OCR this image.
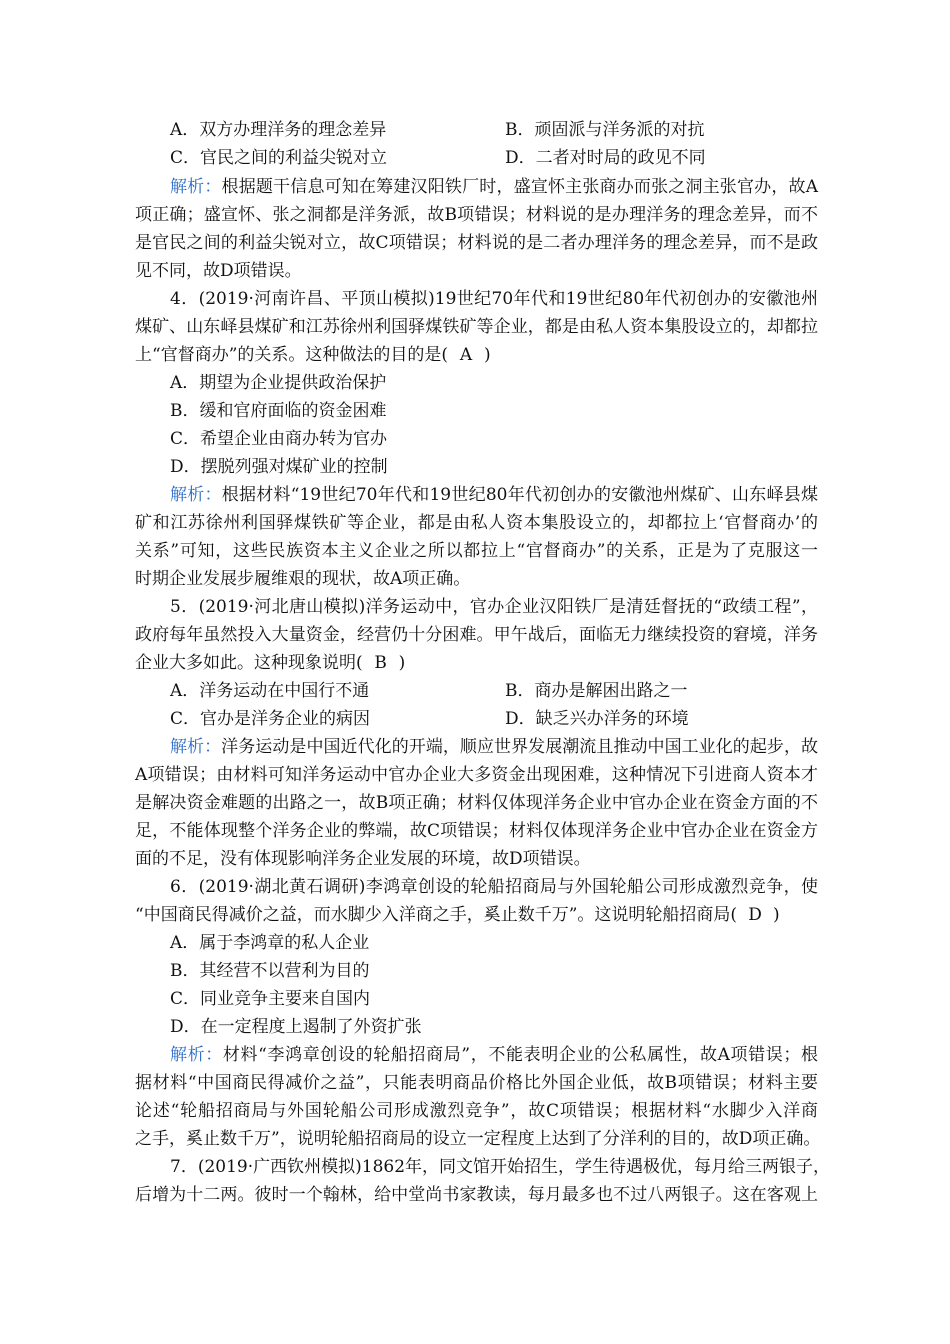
A．双方办理洋务的理念差异	B．顽固派与洋务派的对抗
C．官民之间的利益尖锐对立	D．二者对时局的政见不同
解析：根据题干信息可知在筹建汉阳铁厂时，盛宣怀主张商办而张之洞主张官办，故A
项正确；盛宣怀、张之洞都是洋务派，故B项错误；材料说的是办理洋务的理念差异，而不
是官民之间的利益尖锐对立，故C项错误；材料说的是二者办理洋务的理念差异，而不是政
见不同，故D项错误。
4．(2019·河南许昌、平顶山模拟)19世纪70年代和19世纪80年代初创办的安徽池州
煤矿、山东峄县煤矿和江苏徐州利国驿煤铁矿等企业，都是由私人资本集股设立的，却都拉
上“官督商办”的关系。这种做法的目的是( A )
A．期望为企业提供政治保护
B．缓和官府面临的资金困难
C．希望企业由商办转为官办
D．摆脱列强对煤矿业的控制
解析：根据材料“19世纪70年代和19世纪80年代初创办的安徽池州煤矿、山东峄县煤
矿和江苏徐州利国驿煤铁矿等企业，都是由私人资本集股设立的，却都拉上‘官督商办’的
关系”可知，这些民族资本主义企业之所以都拉上“官督商办”的关系，正是为了克服这一
时期企业发展步履维艰的现状，故A项正确。
5．(2019·河北唐山模拟)洋务运动中，官办企业汉阳铁厂是清廷督抚的“政绩工程”，
政府每年虽然投入大量资金，经营仍十分困难。甲午战后，面临无力继续投资的窘境，洋务
企业大多如此。这种现象说明( B )
A．洋务运动在中国行不通	B．商办是解困出路之一
C．官办是洋务企业的病因	D．缺乏兴办洋务的环境
解析：洋务运动是中国近代化的开端，顺应世界发展潮流且推动中国工业化的起步，故
A项错误；由材料可知洋务运动中官办企业大多资金出现困难，这种情况下引进商人资本才
是解决资金难题的出路之一，故B项正确；材料仅体现洋务企业中官办企业在资金方面的不
足，不能体现整个洋务企业的弊端，故C项错误；材料仅体现洋务企业中官办企业在资金方
面的不足，没有体现影响洋务企业发展的环境，故D项错误。
6．(2019·湖北黄石调研)李鸿章创设的轮船招商局与外国轮船公司形成激烈竞争，使
“中国商民得减价之益，而水脚少入洋商之手，奚止数千万”。这说明轮船招商局( D )
A．属于李鸿章的私人企业
B．其经营不以营利为目的
C．同业竞争主要来自国内
D．在一定程度上遏制了外资扩张
解析：材料“李鸿章创设的轮船招商局”，不能表明企业的公私属性，故A项错误；根
据材料“中国商民得减价之益”，只能表明商品价格比外国企业低，故B项错误；材料主要
论述“轮船招商局与外国轮船公司形成激烈竞争”，故C项错误；根据材料“水脚少入洋商
之手，奚止数千万”，说明轮船招商局的设立一定程度上达到了分洋利的目的，故D项正确。
7．(2019·广西钦州模拟)1862年，同文馆开始招生，学生待遇极优，每月给三两银子，
后增为十二两。彼时一个翰林，给中堂尚书家教读，每月最多也不过八两银子。这在客观上
